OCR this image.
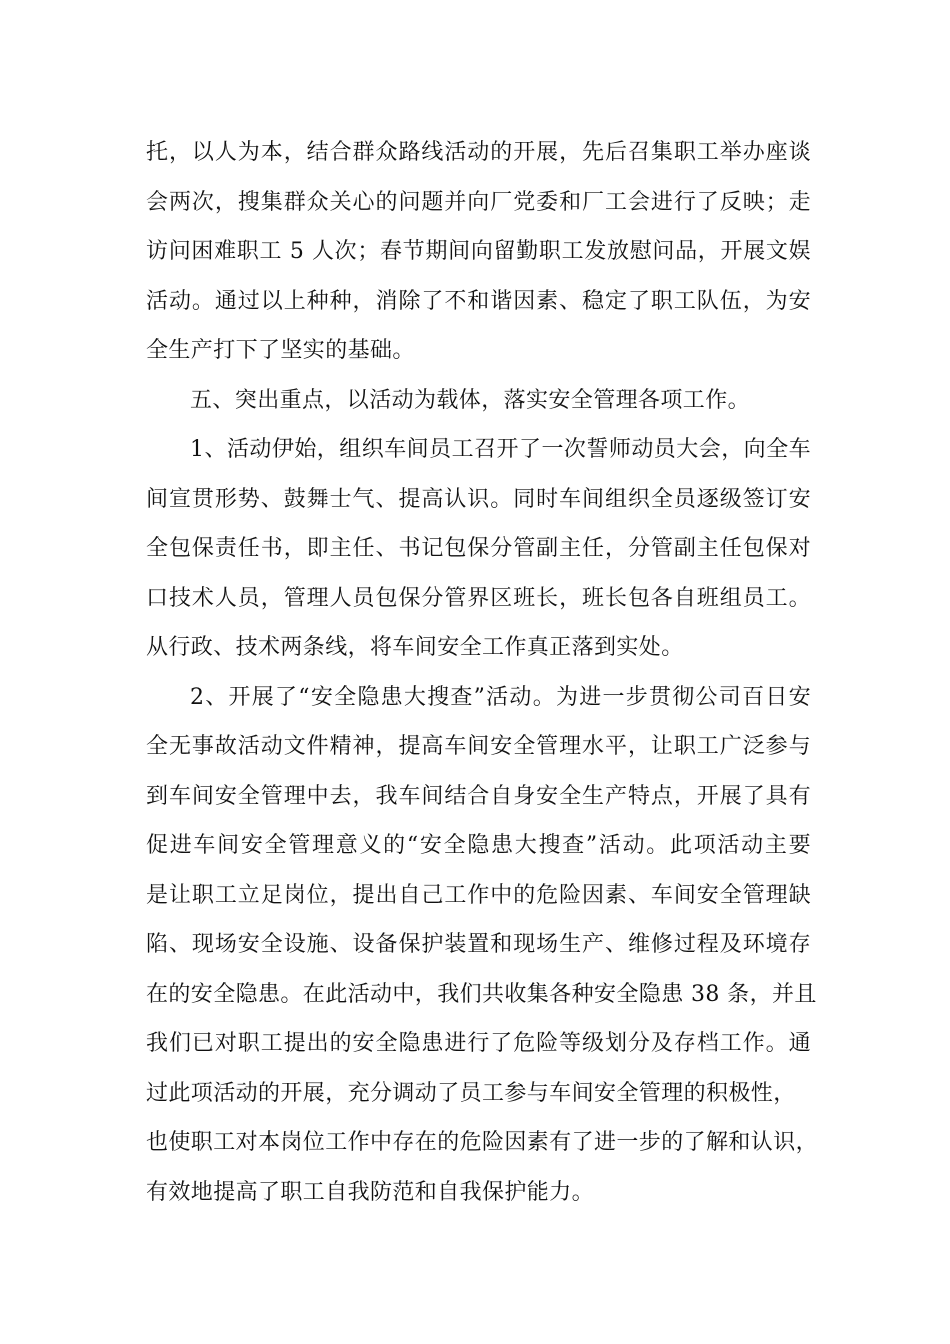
托，以人为本，结合群众路线活动的开展，先后召集职工举办座谈
会两次，搜集群众关心的问题并向厂党委和厂工会进行了反映；走
访问困难职工 5 人次；春节期间向留勤职工发放慰问品，开展文娱
活动。通过以上种种，消除了不和谐因素、稳定了职工队伍，为安
全生产打下了坚实的基础。
五、突出重点，以活动为载体，落实安全管理各项工作。
1、活动伊始，组织车间员工召开了一次誓师动员大会，向全车
间宣贯形势、鼓舞士气、提高认识。同时车间组织全员逐级签订安
全包保责任书，即主任、书记包保分管副主任，分管副主任包保对
口技术人员，管理人员包保分管界区班长，班长包各自班组员工。
从行政、技术两条线，将车间安全工作真正落到实处。
2、开展了“安全隐患大搜查”活动。为进一步贯彻公司百日安
全无事故活动文件精神，提高车间安全管理水平，让职工广泛参与
到车间安全管理中去，我车间结合自身安全生产特点，开展了具有
促进车间安全管理意义的“安全隐患大搜查”活动。此项活动主要
是让职工立足岗位，提出自己工作中的危险因素、车间安全管理缺
陷、现场安全设施、设备保护装置和现场生产、维修过程及环境存
在的安全隐患。在此活动中，我们共收集各种安全隐患 38 条，并且
我们已对职工提出的安全隐患进行了危险等级划分及存档工作。通
过此项活动的开展，充分调动了员工参与车间安全管理的积极性，
也使职工对本岗位工作中存在的危险因素有了进一步的了解和认识，
有效地提高了职工自我防范和自我保护能力。
